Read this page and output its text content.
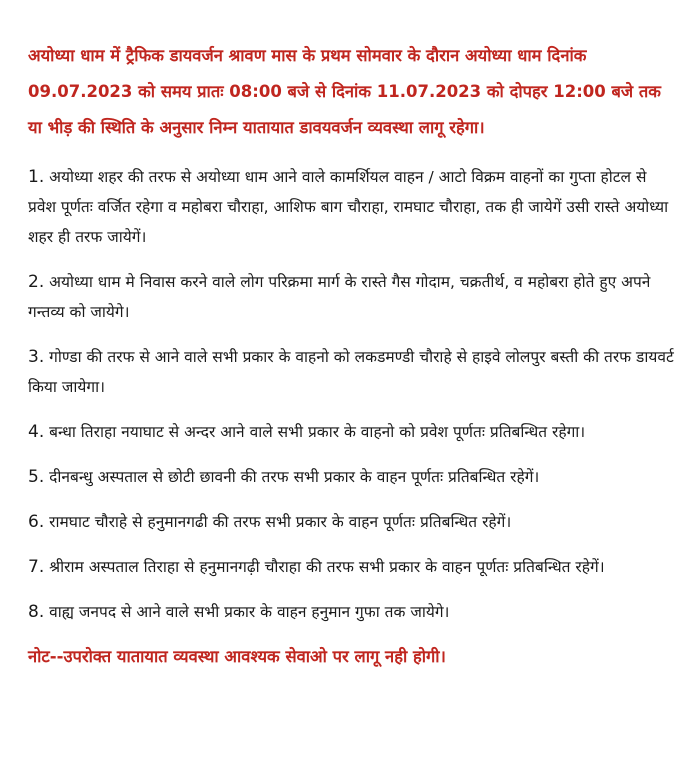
अयोध्या धाम में ट्रैफिक डायवर्जन श्रावण मास के प्रथम सोमवार के दौरान अयोध्या धाम दिनांक 09.07.2023 को समय प्रातः 08:00 बजे से दिनांक 11.07.2023 को दोपहर 12:00 बजे तक या भीड़ की स्थिति के अनुसार निम्न यातायात डावयवर्जन व्यवस्था लागू रहेगा।
1. अयोध्या शहर की तरफ से अयोध्या धाम आने वाले कामर्शियल वाहन / आटो विक्रम वाहनों का गुप्ता होटल से प्रवेश पूर्णतः वर्जित रहेगा व महोबरा चौराहा, आशिफ बाग चौराहा, रामघाट चौराहा, तक ही जायेगें उसी रास्ते अयोध्या शहर ही तरफ जायेगें।
2. अयोध्या धाम मे निवास करने वाले लोग परिक्रमा मार्ग के रास्ते गैस गोदाम, चक्रतीर्थ, व महोबरा होते हुए अपने गन्तव्य को जायेगे।
3. गोण्डा की तरफ से आने वाले सभी प्रकार के वाहनो को लकडमण्डी चौराहे से हाइवे लोलपुर बस्ती की तरफ डायवर्ट किया जायेगा।
4. बन्धा तिराहा नयाघाट से अन्दर आने वाले सभी प्रकार के वाहनो को प्रवेश पूर्णतः प्रतिबन्धित रहेगा।
5. दीनबन्धु अस्पताल से छोटी छावनी की तरफ सभी प्रकार के वाहन पूर्णतः प्रतिबन्धित रहेगें।
6. रामघाट चौराहे से हनुमानगढी की तरफ सभी प्रकार के वाहन पूर्णतः प्रतिबन्धित रहेगें।
7. श्रीराम अस्पताल तिराहा से हनुमानगढ़ी चौराहा की तरफ सभी प्रकार के वाहन पूर्णतः प्रतिबन्धित रहेगें।
8. वाह्य जनपद से आने वाले सभी प्रकार के वाहन हनुमान गुफा तक जायेगे।
नोट--उपरोक्त यातायात व्यवस्था आवश्यक सेवाओ पर लागू नही होगी।
